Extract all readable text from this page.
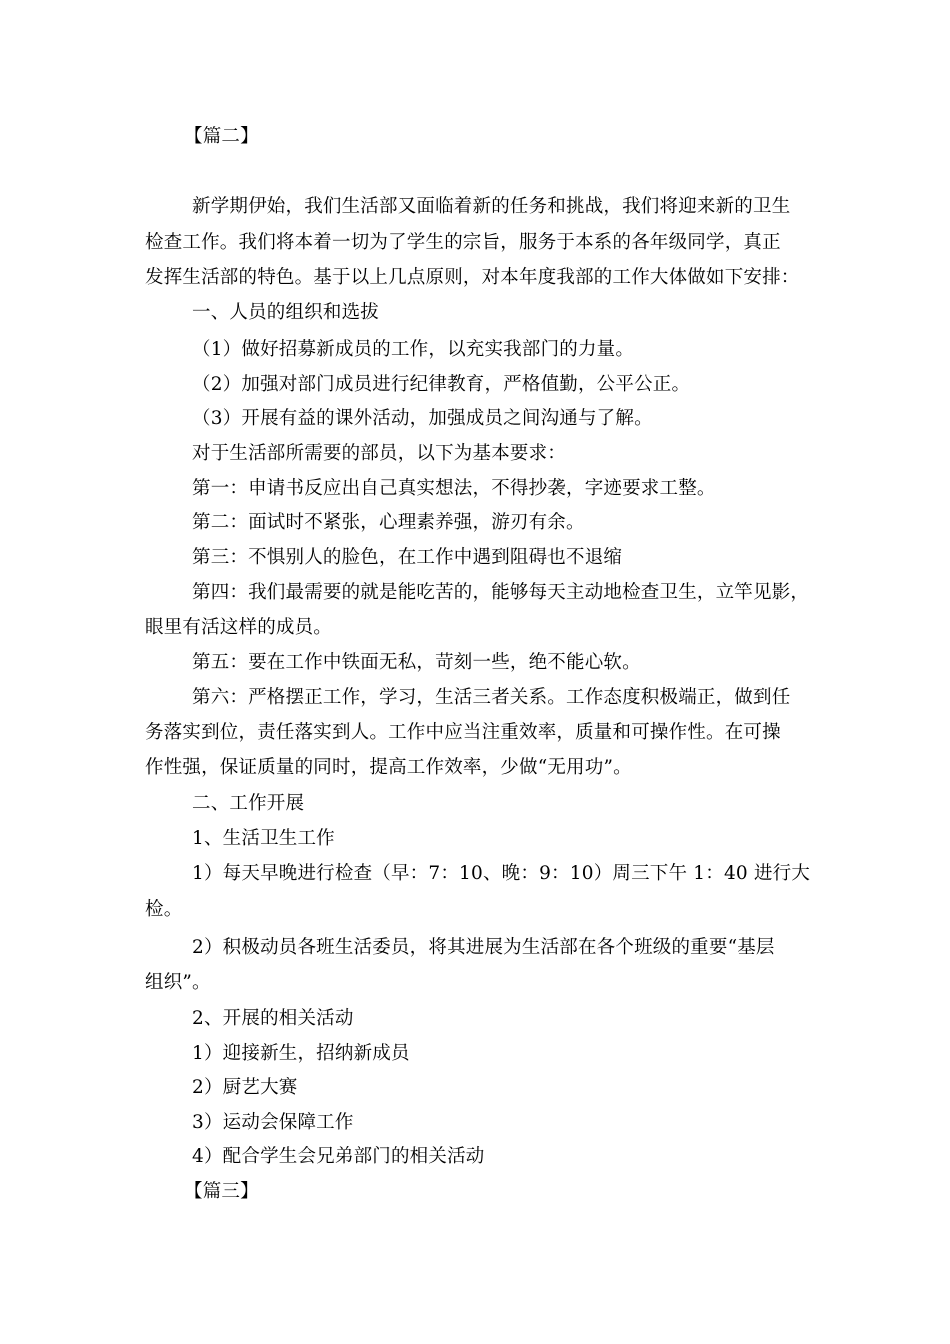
【篇二】
新学期伊始，我们生活部又面临着新的任务和挑战，我们将迎来新的卫生
检查工作。我们将本着一切为了学生的宗旨，服务于本系的各年级同学，真正
发挥生活部的特色。基于以上几点原则，对本年度我部的工作大体做如下安排：
一、人员的组织和选拔
（1）做好招募新成员的工作，以充实我部门的力量。
（2）加强对部门成员进行纪律教育，严格值勤，公平公正。
（3）开展有益的课外活动，加强成员之间沟通与了解。
对于生活部所需要的部员，以下为基本要求：
第一：申请书反应出自己真实想法，不得抄袭，字迹要求工整。
第二：面试时不紧张，心理素养强，游刃有余。
第三：不惧别人的脸色，在工作中遇到阻碍也不退缩
第四：我们最需要的就是能吃苦的，能够每天主动地检查卫生，立竿见影，
眼里有活这样的成员。
第五：要在工作中铁面无私，苛刻一些，绝不能心软。
第六：严格摆正工作，学习，生活三者关系。工作态度积极端正，做到任
务落实到位，责任落实到人。工作中应当注重效率，质量和可操作性。在可操
作性强，保证质量的同时，提高工作效率，少做“无用功”。
二、工作开展
1、生活卫生工作
1）每天早晚进行检查（早：7：10、晚：9：10）周三下午 1：40 进行大
检。
2）积极动员各班生活委员，将其进展为生活部在各个班级的重要“基层
组织”。
2、开展的相关活动
1）迎接新生，招纳新成员
2）厨艺大赛
3）运动会保障工作
4）配合学生会兄弟部门的相关活动
【篇三】
